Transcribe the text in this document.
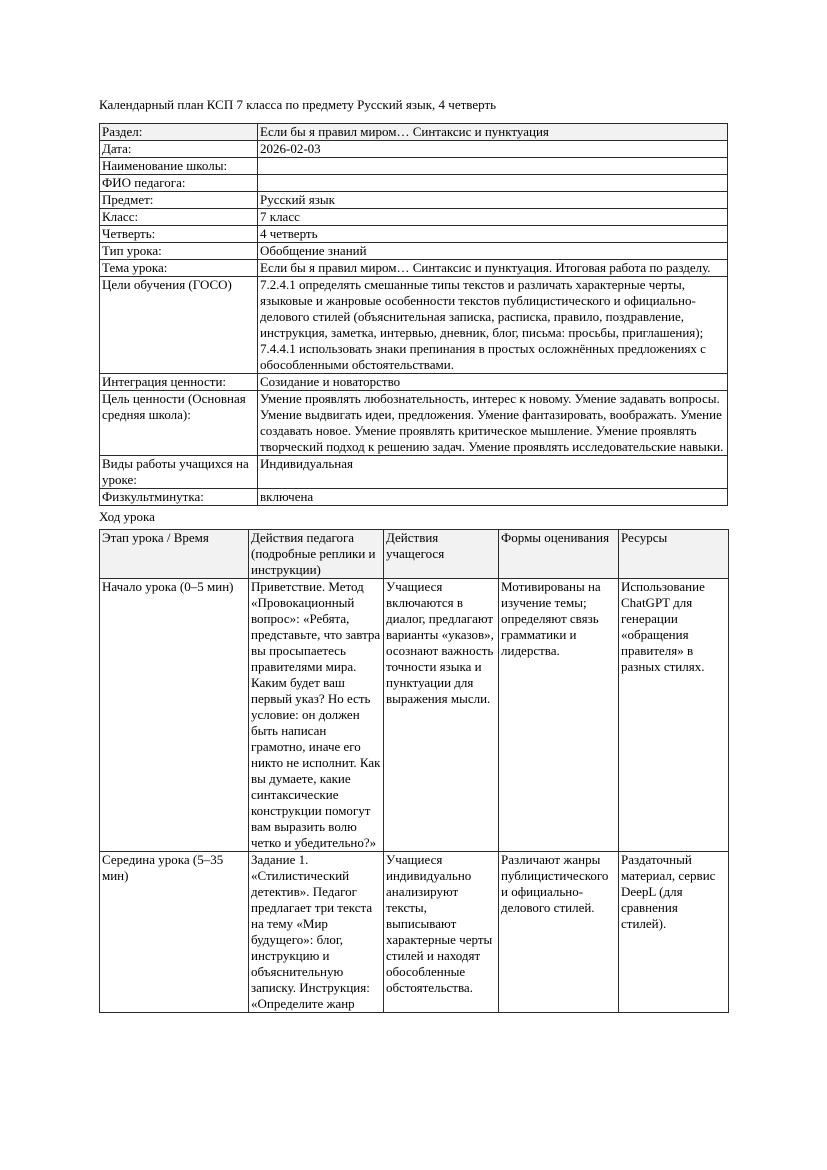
Календарный план КСП 7 класса по предмету Русский язык, 4 четверть
Раздел:	Если бы я правил миром… Синтаксис и пунктуация
Дата:	2026-02-03
Наименование школы:	
ФИО педагога:	
Предмет:	Русский язык
Класс:	7 класс
Четверть:	4 четверть
Тип урока:	Обобщение знаний
Тема урока:	Если бы я правил миром… Синтаксис и пунктуация. Итоговая работа по разделу.
Цели обучения (ГОСО)	7.2.4.1 определять смешанные типы текстов и различать характерные черты, языковые и жанровые особенности текстов публицистического и официально-делового стилей (объяснительная записка, расписка, правило, поздравление, инструкция, заметка, интервью, дневник, блог, письма: просьбы, приглашения); 7.4.4.1 использовать знаки препинания в простых осложнённых предложениях с обособленными обстоятельствами.
Интеграция ценности:	Созидание и новаторство
Цель ценности (Основная средняя школа):	Умение проявлять любознательность, интерес к новому. Умение задавать вопросы. Умение выдвигать идеи, предложения. Умение фантазировать, воображать. Умение создавать новое. Умение проявлять критическое мышление. Умение проявлять творческий подход к решению задач. Умение проявлять исследовательские навыки.
Виды работы учащихся на уроке:	Индивидуальная
Физкультминутка:	включена
Ход урока
Этап урока / Время	Действия педагога (подробные реплики и инструкции)	Действия учащегося	Формы оценивания	Ресурсы
Начало урока (0–5 мин)	Приветствие. Метод «Провокационный вопрос»: «Ребята, представьте, что завтра вы просыпаетесь правителями мира. Каким будет ваш первый указ? Но есть условие: он должен быть написан грамотно, иначе его никто не исполнит. Как вы думаете, какие синтаксические конструкции помогут вам выразить волю четко и убедительно?»	Учащиеся включаются в диалог, предлагают варианты «указов», осознают важность точности языка и пунктуации для выражения мысли.	Мотивированы на изучение темы; определяют связь грамматики и лидерства.	Использование ChatGPT для генерации «обращения правителя» в разных стилях.
Середина урока (5–35 мин)	Задание 1. «Стилистический детектив». Педагог предлагает три текста на тему «Мир будущего»: блог, инструкцию и объяснительную записку. Инструкция: «Определите жанр	Учащиеся индивидуально анализируют тексты, выписывают характерные черты стилей и находят обособленные обстоятельства.	Различают жанры публицистического и официально-делового стилей.	Раздаточный материал, сервис DeepL (для сравнения стилей).
